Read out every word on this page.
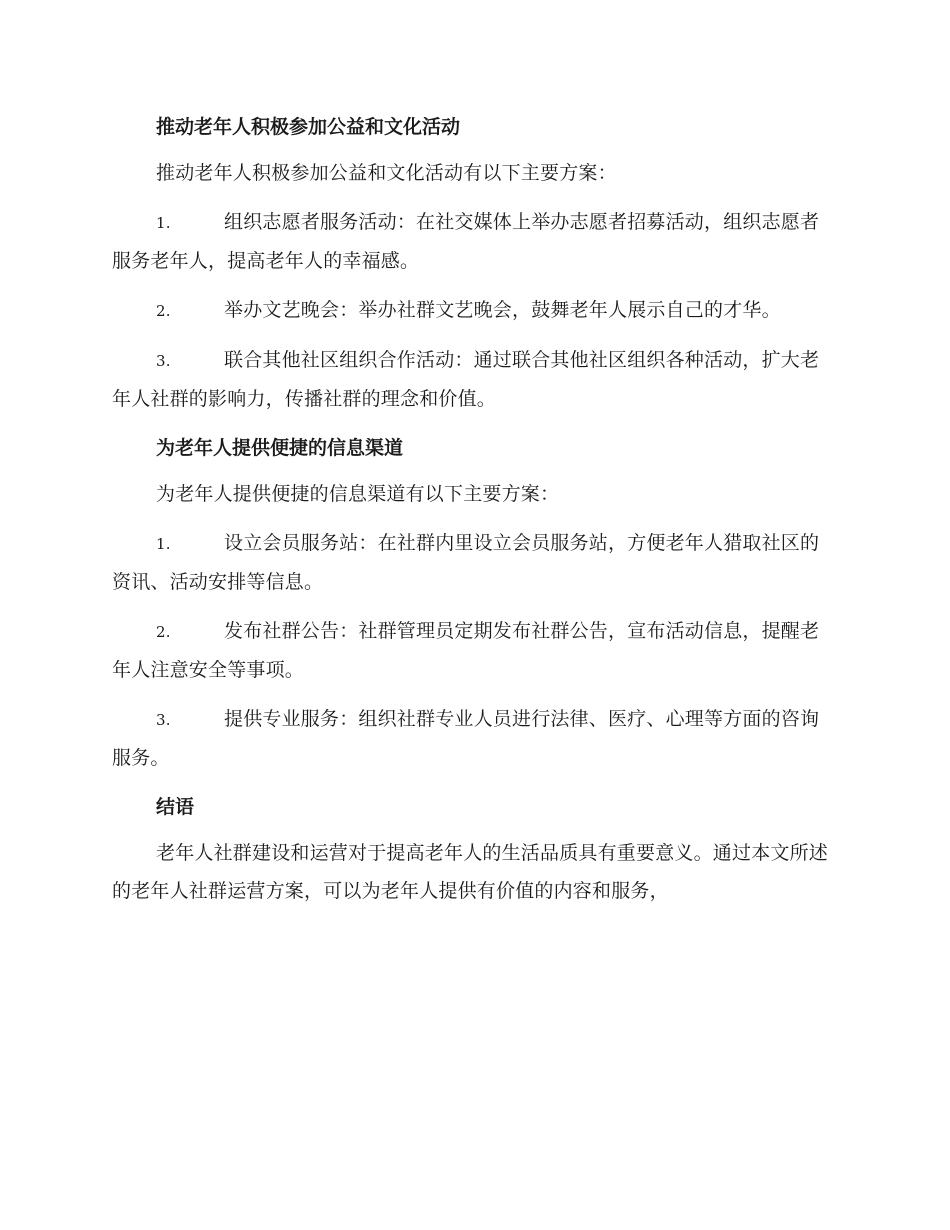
推动老年人积极参加公益和文化活动
推动老年人积极参加公益和文化活动有以下主要方案：
1.	组织志愿者服务活动：在社交媒体上举办志愿者招募活动，组织志愿者服务老年人，提高老年人的幸福感。
2.	举办文艺晚会：举办社群文艺晚会，鼓舞老年人展示自己的才华。
3.	联合其他社区组织合作活动：通过联合其他社区组织各种活动，扩大老年人社群的影响力，传播社群的理念和价值。
为老年人提供便捷的信息渠道
为老年人提供便捷的信息渠道有以下主要方案：
1.	设立会员服务站：在社群内里设立会员服务站，方便老年人猎取社区的资讯、活动安排等信息。
2.	发布社群公告：社群管理员定期发布社群公告，宣布活动信息，提醒老年人注意安全等事项。
3.	提供专业服务：组织社群专业人员进行法律、医疗、心理等方面的咨询服务。
结语
老年人社群建设和运营对于提高老年人的生活品质具有重要意义。通过本文所述的老年人社群运营方案，可以为老年人提供有价值的内容和服务，
